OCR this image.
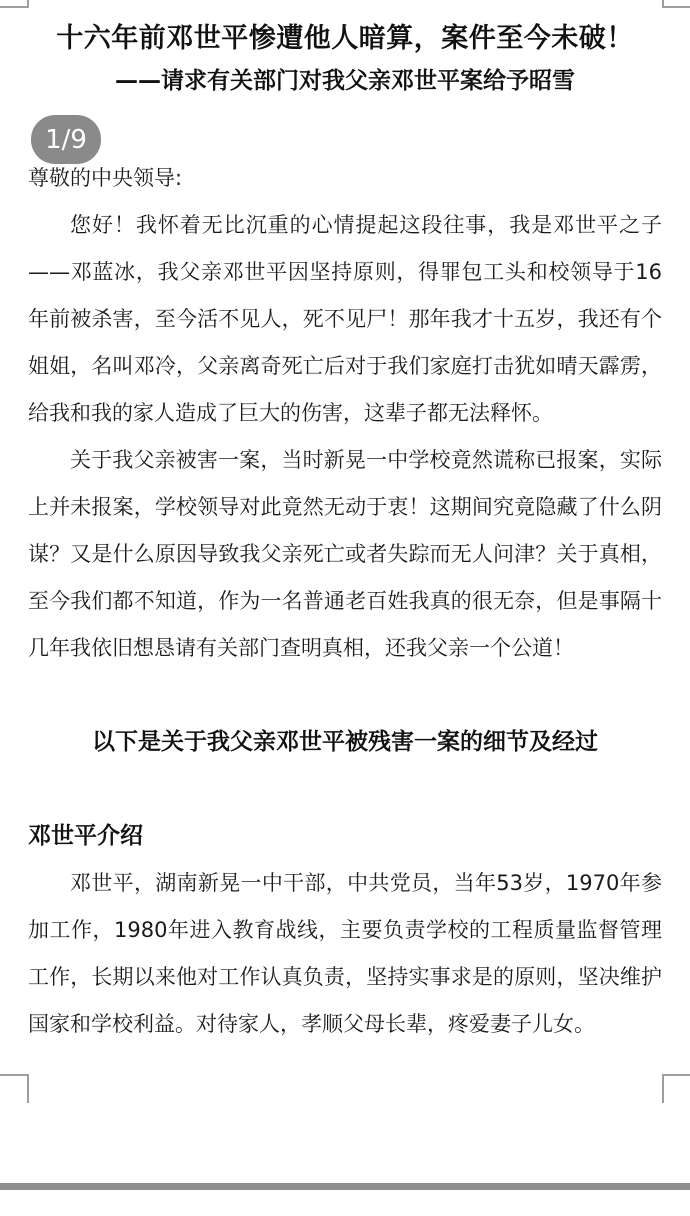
十六年前邓世平惨遭他人暗算，案件至今未破！
——请求有关部门对我父亲邓世平案给予昭雪
1/9

尊敬的中央领导:

您好！我怀着无比沉重的心情提起这段往事，我是邓世平之子——邓蓝冰，我父亲邓世平因坚持原则，得罪包工头和校领导于16年前被杀害，至今活不见人，死不见尸！那年我才十五岁，我还有个姐姐，名叫邓冷，父亲离奇死亡后对于我们家庭打击犹如晴天霹雳，给我和我的家人造成了巨大的伤害，这辈子都无法释怀。

关于我父亲被害一案，当时新晃一中学校竟然谎称已报案，实际上并未报案，学校领导对此竟然无动于衷！这期间究竟隐藏了什么阴谋？又是什么原因导致我父亲死亡或者失踪而无人问津？关于真相，至今我们都不知道，作为一名普通老百姓我真的很无奈，但是事隔十几年我依旧想恳请有关部门查明真相，还我父亲一个公道！

以下是关于我父亲邓世平被残害一案的细节及经过
邓世平介绍

邓世平，湖南新晃一中干部，中共党员，当年53岁，1970年参加工作，1980年进入教育战线，主要负责学校的工程质量监督管理工作，长期以来他对工作认真负责，坚持实事求是的原则，坚决维护国家和学校利益。对待家人，孝顺父母长辈，疼爱妻子儿女。
